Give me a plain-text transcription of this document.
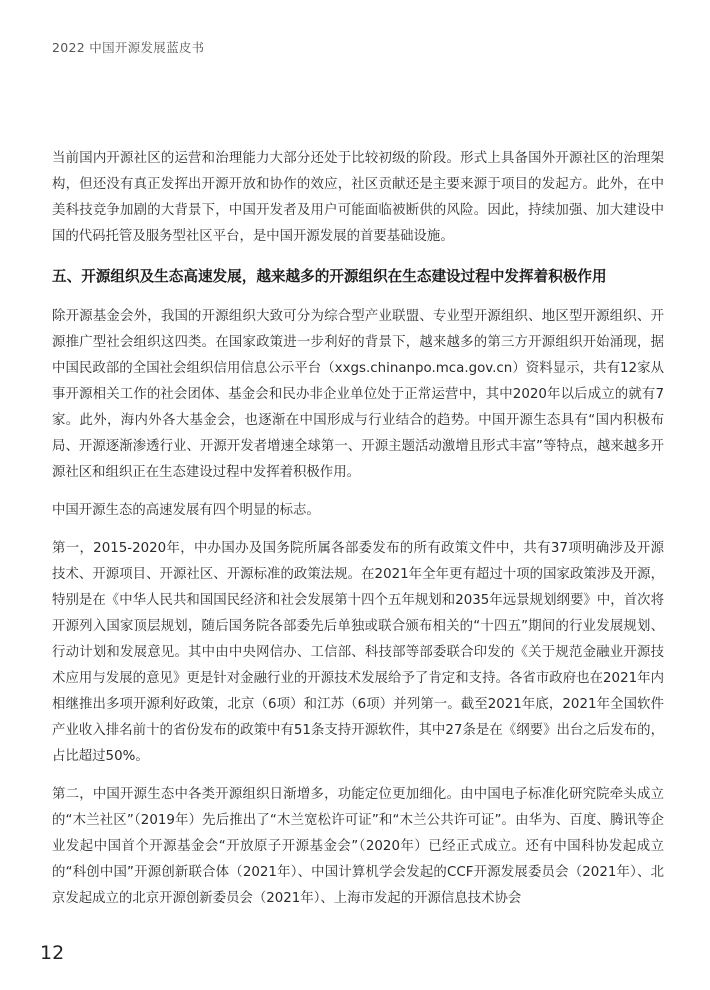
2022 中国开源发展蓝皮书

当前国内开源社区的运营和治理能力大部分还处于比较初级的阶段。形式上具备国外开源社区的治理架构，但还没有真正发挥出开源开放和协作的效应，社区贡献还是主要来源于项目的发起方。此外，在中美科技竞争加剧的大背景下，中国开发者及用户可能面临被断供的风险。因此，持续加强、加大建设中国的代码托管及服务型社区平台，是中国开源发展的首要基础设施。

五、开源组织及生态高速发展，越来越多的开源组织在生态建设过程中发挥着积极作用

除开源基金会外，我国的开源组织大致可分为综合型产业联盟、专业型开源组织、地区型开源组织、开源推广型社会组织这四类。在国家政策进一步利好的背景下，越来越多的第三方开源组织开始涌现，据中国民政部的全国社会组织信用信息公示平台（xxgs.chinanpo.mca.gov.cn）资料显示，共有12家从事开源相关工作的社会团体、基金会和民办非企业单位处于正常运营中，其中2020年以后成立的就有7家。此外，海内外各大基金会，也逐渐在中国形成与行业结合的趋势。中国开源生态具有“国内积极布局、开源逐渐渗透行业、开源开发者增速全球第一、开源主题活动激增且形式丰富”等特点，越来越多开源社区和组织正在生态建设过程中发挥着积极作用。

中国开源生态的高速发展有四个明显的标志。

第一，2015-2020年，中办国办及国务院所属各部委发布的所有政策文件中，共有37项明确涉及开源技术、开源项目、开源社区、开源标准的政策法规。在2021年全年更有超过十项的国家政策涉及开源，特别是在《中华人民共和国国民经济和社会发展第十四个五年规划和2035年远景规划纲要》中，首次将开源列入国家顶层规划，随后国务院各部委先后单独或联合颁布相关的“十四五”期间的行业发展规划、行动计划和发展意见。其中由中央网信办、工信部、科技部等部委联合印发的《关于规范金融业开源技术应用与发展的意见》更是针对金融行业的开源技术发展给予了肯定和支持。各省市政府也在2021年内相继推出多项开源利好政策，北京（6项）和江苏（6项）并列第一。截至2021年底，2021年全国软件产业收入排名前十的省份发布的政策中有51条支持开源软件，其中27条是在《纲要》出台之后发布的，占比超过50%。

第二，中国开源生态中各类开源组织日渐增多，功能定位更加细化。由中国电子标准化研究院牵头成立的“木兰社区”（2019年）先后推出了“木兰宽松许可证”和“木兰公共许可证”。由华为、百度、腾讯等企业发起中国首个开源基金会“开放原子开源基金会”（2020年）已经正式成立。还有中国科协发起成立的“科创中国”开源创新联合体（2021年）、中国计算机学会发起的CCF开源发展委员会（2021年）、北京发起成立的北京开源创新委员会（2021年）、上海市发起的开源信息技术协会

12
